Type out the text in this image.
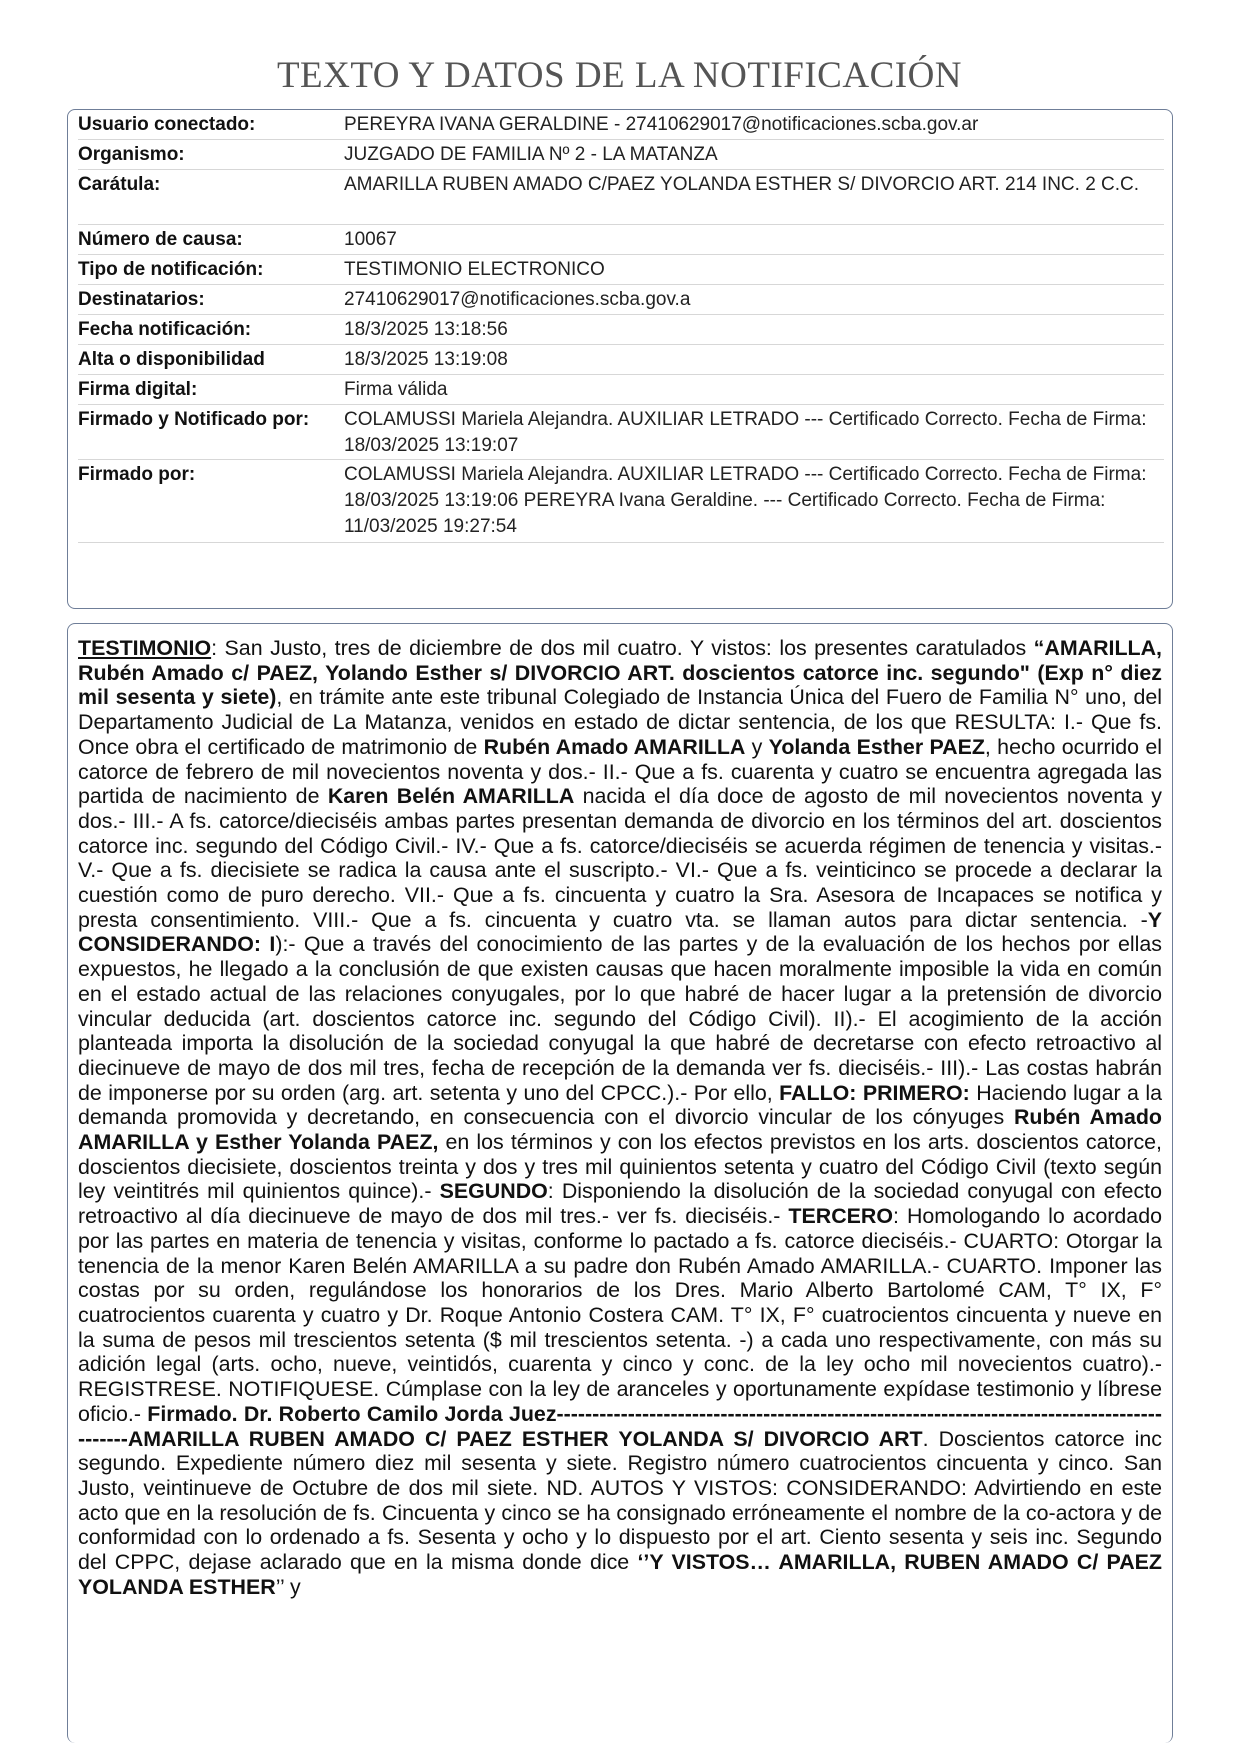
TEXTO Y DATOS DE LA NOTIFICACIÓN
Usuario conectado:	PEREYRA IVANA GERALDINE - 27410629017@notificaciones.scba.gov.ar
Organismo:	JUZGADO DE FAMILIA Nº 2 - LA MATANZA
Carátula:	AMARILLA RUBEN AMADO C/PAEZ YOLANDA ESTHER S/ DIVORCIO ART. 214 INC. 2 C.C.
Número de causa:	10067
Tipo de notificación:	TESTIMONIO ELECTRONICO
Destinatarios:	27410629017@notificaciones.scba.gov.a
Fecha notificación:	18/3/2025 13:18:56
Alta o disponibilidad	18/3/2025 13:19:08
Firma digital:	Firma válida
Firmado y Notificado por: COLAMUSSI Mariela Alejandra. AUXILIAR LETRADO --- Certificado Correcto. Fecha de Firma: 18/03/2025 13:19:07
Firmado por:	COLAMUSSI Mariela Alejandra. AUXILIAR LETRADO --- Certificado Correcto. Fecha de Firma: 18/03/2025 13:19:06 PEREYRA Ivana Geraldine. --- Certificado Correcto. Fecha de Firma: 11/03/2025 19:27:54
TESTIMONIO: San Justo, tres de diciembre de dos mil cuatro. Y vistos: los presentes caratulados “AMARILLA, Rubén Amado c/ PAEZ, Yolando Esther s/ DIVORCIO ART. doscientos catorce inc. segundo" (Exp n° diez mil sesenta y siete), en trámite ante este tribunal Colegiado de Instancia Única del Fuero de Familia N° uno, del Departamento Judicial de La Matanza, venidos en estado de dictar sentencia, de los que RESULTA: I.- Que fs. Once obra el certificado de matrimonio de Rubén Amado AMARILLA y Yolanda Esther PAEZ, hecho ocurrido el catorce de febrero de mil novecientos noventa y dos.- II.- Que a fs. cuarenta y cuatro se encuentra agregada las partida de nacimiento de Karen Belén AMARILLA nacida el día doce de agosto de mil novecientos noventa y dos.- III.- A fs. catorce/dieciséis ambas partes presentan demanda de divorcio en los términos del art. doscientos catorce inc. segundo del Código Civil.- IV.- Que a fs. catorce/dieciséis se acuerda régimen de tenencia y visitas.- V.- Que a fs. diecisiete se radica la causa ante el suscripto.- VI.- Que a fs. veinticinco se procede a declarar la cuestión como de puro derecho. VII.- Que a fs. cincuenta y cuatro la Sra. Asesora de Incapaces se notifica y presta consentimiento. VIII.- Que a fs. cincuenta y cuatro vta. se llaman autos para dictar sentencia. -Y CONSIDERANDO: I):- Que a través del conocimiento de las partes y de la evaluación de los hechos por ellas expuestos, he llegado a la conclusión de que existen causas que hacen moralmente imposible la vida en común en el estado actual de las relaciones conyugales, por lo que habré de hacer lugar a la pretensión de divorcio vincular deducida (art. doscientos catorce inc. segundo del Código Civil). II).- El acogimiento de la acción planteada importa la disolución de la sociedad conyugal la que habré de decretarse con efecto retroactivo al diecinueve de mayo de dos mil tres, fecha de recepción de la demanda ver fs. dieciséis.- III).- Las costas habrán de imponerse por su orden (arg. art. setenta y uno del CPCC.).- Por ello, FALLO: PRIMERO: Haciendo lugar a la demanda promovida y decretando, en consecuencia con el divorcio vincular de los cónyuges Rubén Amado AMARILLA y Esther Yolanda PAEZ, en los términos y con los efectos previstos en los arts. doscientos catorce, doscientos diecisiete, doscientos treinta y dos y tres mil quinientos setenta y cuatro del Código Civil (texto según ley veintitrés mil quinientos quince).- SEGUNDO: Disponiendo la disolución de la sociedad conyugal con efecto retroactivo al día diecinueve de mayo de dos mil tres.- ver fs. dieciséis.- TERCERO: Homologando lo acordado por las partes en materia de tenencia y visitas, conforme lo pactado a fs. catorce dieciséis.- CUARTO: Otorgar la tenencia de la menor Karen Belén AMARILLA a su padre don Rubén Amado AMARILLA.- CUARTO. Imponer las costas por su orden, regulándose los honorarios de los Dres. Mario Alberto Bartolomé CAM, T° IX, F° cuatrocientos cuarenta y cuatro y Dr. Roque Antonio Costera CAM. T° IX, F° cuatrocientos cincuenta y nueve en la suma de pesos mil trescientos setenta ($ mil trescientos setenta. -) a cada uno respectivamente, con más su adición legal (arts. ocho, nueve, veintidós, cuarenta y cinco y conc. de la ley ocho mil novecientos cuatro).- REGISTRESE. NOTIFIQUESE. Cúmplase con la ley de aranceles y oportunamente expídase testimonio y líbrese oficio.- Firmado. Dr. Roberto Camilo Jorda Juez--------------------------------------------------------------------------------------------AMARILLA RUBEN AMADO C/ PAEZ ESTHER YOLANDA S/ DIVORCIO ART. Doscientos catorce inc segundo. Expediente número diez mil sesenta y siete. Registro número cuatrocientos cincuenta y cinco. San Justo, veintinueve de Octubre de dos mil siete. ND. AUTOS Y VISTOS: CONSIDERANDO: Advirtiendo en este acto que en la resolución de fs. Cincuenta y cinco se ha consignado erróneamente el nombre de la co-actora y de conformidad con lo ordenado a fs. Sesenta y ocho y lo dispuesto por el art. Ciento sesenta y seis inc. Segundo del CPPC, dejase aclarado que en la misma donde dice ‘’Y VISTOS… AMARILLA, RUBEN AMADO C/ PAEZ YOLANDA ESTHER’’ y
